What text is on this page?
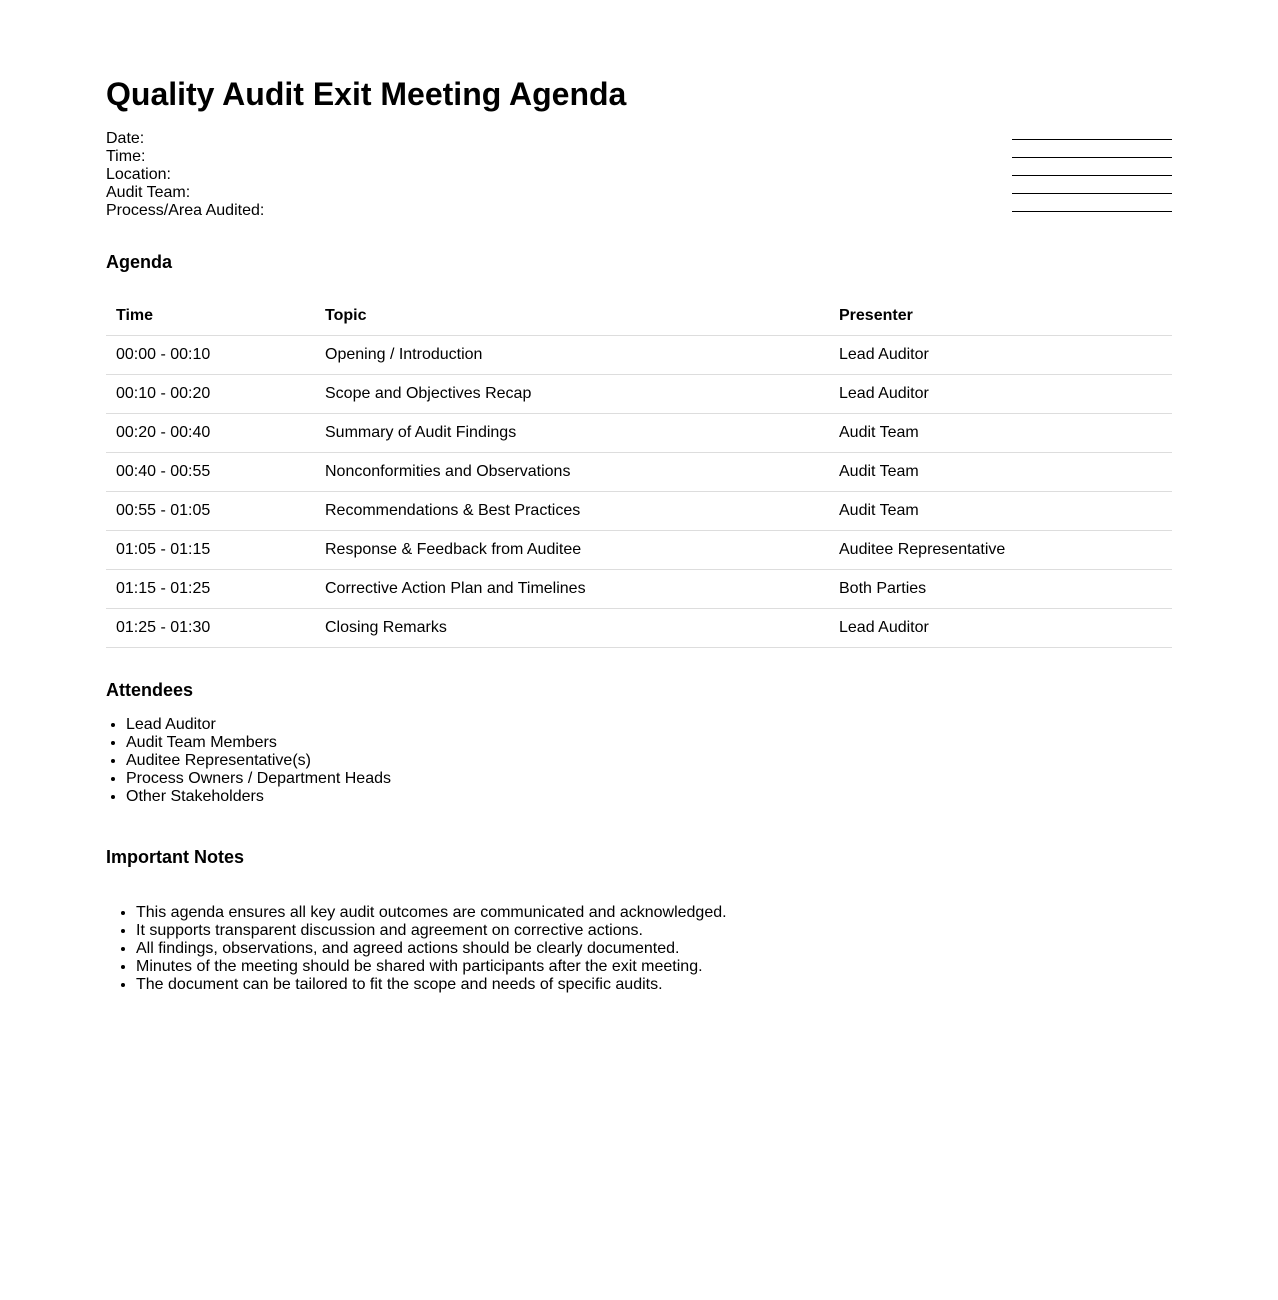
Quality Audit Exit Meeting Agenda
Date:
Time:
Location:
Audit Team:
Process/Area Audited:
Agenda
Time	Topic	Presenter
00:00 - 00:10	Opening / Introduction	Lead Auditor
00:10 - 00:20	Scope and Objectives Recap	Lead Auditor
00:20 - 00:40	Summary of Audit Findings	Audit Team
00:40 - 00:55	Nonconformities and Observations	Audit Team
00:55 - 01:05	Recommendations & Best Practices	Audit Team
01:05 - 01:15	Response & Feedback from Auditee	Auditee Representative
01:15 - 01:25	Corrective Action Plan and Timelines	Both Parties
01:25 - 01:30	Closing Remarks	Lead Auditor
Attendees
• Lead Auditor
• Audit Team Members
• Auditee Representative(s)
• Process Owners / Department Heads
• Other Stakeholders
Important Notes
• This agenda ensures all key audit outcomes are communicated and acknowledged.
• It supports transparent discussion and agreement on corrective actions.
• All findings, observations, and agreed actions should be clearly documented.
• Minutes of the meeting should be shared with participants after the exit meeting.
• The document can be tailored to fit the scope and needs of specific audits.
